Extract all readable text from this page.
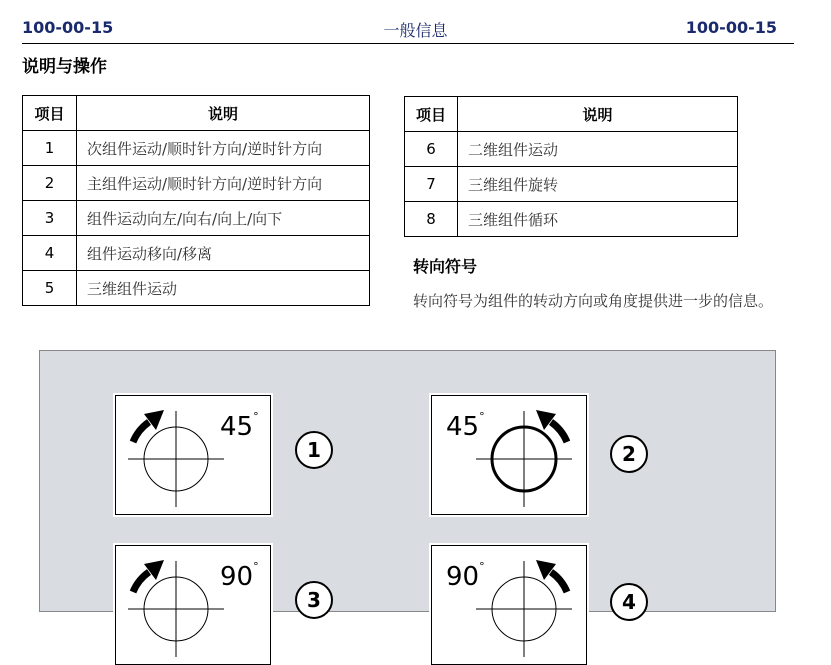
100-00-15	一般信息	100-00-15
说明与操作
项目	说明
1	次组件运动/顺时针方向/逆时针方向
2	主组件运动/顺时针方向/逆时针方向
3	组件运动向左/向右/向上/向下
4	组件运动移向/移离
5	三维组件运动
项目	说明
6	二维组件运动
7	三维组件旋转
8	三维组件循环
转向符号
转向符号为组件的转动方向或角度提供进一步的信息。
45°
1
45°
2
90°
3
90°
4
